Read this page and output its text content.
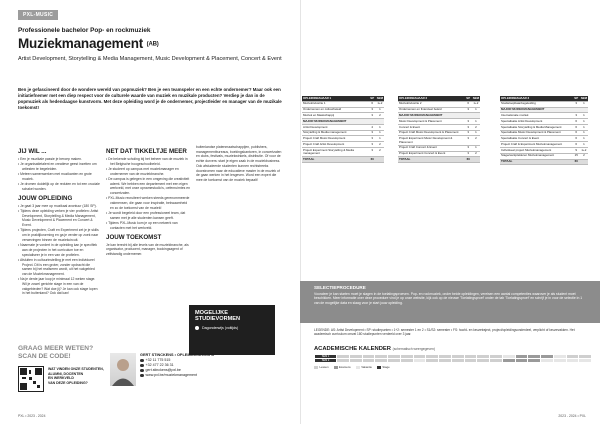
PXL-MUSIC
Professionele bachelor Pop- en rockmuziek
Muziekmanagement (AB)
Artist Development, Storytelling & Media Management, Music Development & Placement, Concert & Event
Ben je gefascineerd door de wondere wereld van popmuziek? Ben je een teamspeler en een echte ondernemer? Maar ook een initiatiefnemer met een diep respect voor de culturele waarde van muziek en muzikale producten? Verdiep je dan in de popmuziek als hedendaagse kunstvorm. Met deze opleiding word je de ondernemer, projectleider en manager van de muzikale toekomst!
JIJ WIL ...
• Een je muzikale passie je beroep maken.
• Je organisatietalent en creatieve geest inzetten om artiesten te begeleiden.
• Meteen samenwerken met muzikanten en grote muziek.
• Je dromen duidelijk op de reduten en tot een cruciale schakel worden.
JOUW OPLEIDING
• Je gaat 3 jaar mee op muzikaal avontuur (180 SP).
• Tijdens deze opleiding verken je vier profielen: Artist Development, Storytelling & Media Management, Music Development & Placement en Concert & Event.
• Tijdens projecten, Craft en Experiment zet je je skills om in praktijkvorming en ga je verder op zoek naar verwevingen binnen de muziekcircuit.
• Naarmate je vordert in de opleiding kan je specifiek aan de projecten in het curriculum toe en specialiseer je in een van de profielen.
• Afsluiten in cultuurinstelling je met een individueel Project. Dit is een groter, zonder opdracht die samen bij het realiseren wordt, uit het vakgebied van de Muziekmanagement.
• Na je derde jaar loop je minimaal 12 weken stage. Wil je zowel gerichte stage in een van de vakgebieden? Wat doe jij? Je kan ook stage lopen in het buitenland? Ook dat kan!
NET DAT TIKKELTJE MEER
• De bekende scholing bij het beheer van de muziek in het Belgische hoogeschoolbeleid.
• Je studeert op campus met muziekmanager en ondernemer van de muziekbranche.
• De campus is gelegen in een omgeving die creativiteit ademt. We hebben een departement met een eigen werkveld, met onze opnamestudio's, oefenruimtes en concertzalen.
• PXL-Music recruiteert werken steeds gerenommeerde vakmensen, die gaan voor inspiratie, bekwaamheid en zo de toekomst van de muziek!
• Je wordt begeleid door een professioneel team, dat samen met je alle studenten kansen geeft.
• Tijdens PXL-Music kom je op een netwerk van contacten met het werkveld.
JOUW TOEKOMST

Je kan terecht bij alle levels van de muziekbranche, als organisator, producent, manager, bookingsagent of zelfstandig ondernemer.

buitenlandse platenmaatschappijen, publishers, managementbureaus, boekingskantoren, in concertzalen en clubs, festivals, muziekwinkels, distributie. Of voor de echte durvers: start je eigen zaak in de muziekbusiness. Ook afstudeerde studenten kunnen rechtstreeks doorstromen naar de educatieve master in de muziek of de gaan werken in het lesgeven. Word een expert die mee de toekomst van de muziek bepaalt!

MOGELIJKE STUDIEVORMEN
Dagonderwijs (voltijds)
GRAAG MEER WETEN?
SCAN DE CODE!
WAT VINDEN ONZE STUDENTEN,
ALUMNI, DOCENTEN
EN WERKVELD
VAN DEZE OPLEIDING?
GERT STINCKENS • OPLEIDINGSHOOFD
+32 11 775 515
+32 477 22 36 31
gert.stinckens@pxl.be
www.pxl.be/muziekmanagement
PXL • 2023 - 2024	2023 - 2024 • PXL
OPLEIDINGSJAAR 1	SP	SEM
Muziekindustrie 1	6	1+2
Ondernemen en cultuurbeleid	3	1
Muziek en Maatschappij	3	2
MAJOR MUZIEKMANAGEMENT		
Artist Development	4	1
Storytelling & Media management	3	1
Project Craft Music Development	3	1
Project Craft Artist Development	3	2
Project Experiment Storytelling & Media management	3	2
TOTAAL	60	
OPLEIDINGSJAAR 2	SP	SEM
Muziekindustrie 2	6	1+2
Ondernemen en financieel beleid	3	1
MAJOR MUZIEKMANAGEMENT		
Music Development & Placement	3	1
Concert & Event	3	2
Project Craft Music Development & Placement	3	1
Project Experiment Music Development & Placement	3	2
Project Craft Concert & Event	3	1
Project Experiment Concert & Event	3	2
TOTAAL	60	
OPLEIDINGSJAAR 3	SP	SEM
Studieloopbaanbegeleiding	3	1
MAJOR MUZIEKMANAGEMENT		
Internationale muziek	3	1
Specialisatie Artist Development	6	1
Specialisatie Storytelling & Media Management	6	1
Specialisatie Music Development & Placement	6	1
Specialisatie Concert & Event	6	1
Project Craft & Experiment Muziekmanagement	6	1
Individueel project Muziekmanagement	9	1+2
Stage/werkplekleren Muziekmanagement	15	2
TOTAAL	60	
SELECTIEPROCEDURE

Vooraleer je kan starten moet je slagen in de toelatingsproeven. Pop- en rockmuziek, onder beide opleidingen, vereisen een aantal competenties waarover je als student moet beschikken. Meer informatie over deze procedure vind je op onze website, kijk ook op de nieuwe 'Toelatingsproef' onder de tab 'Toelatingsproef' en schrijf je in voor de selectie in 1 van de mogelijke data en slaag voor je start jouw opleiding.

LEGENDE: AS: Artist Development • SP: studiepunten • 1+2: semester 1 en 2 • S1/S2: semester • FS: hoofd- en keuzetraject, project/opleidingsonderdeel, verplicht of keuzevakken. Het academisch curriculum omvat 180 studiepunten verdeeld over 3 jaar.
ACADEMISCHE KALENDER (schematisch weergegeven)
SEM 1																				
SEM 2																				
Lessen	Examens	Vakantie	Stage
